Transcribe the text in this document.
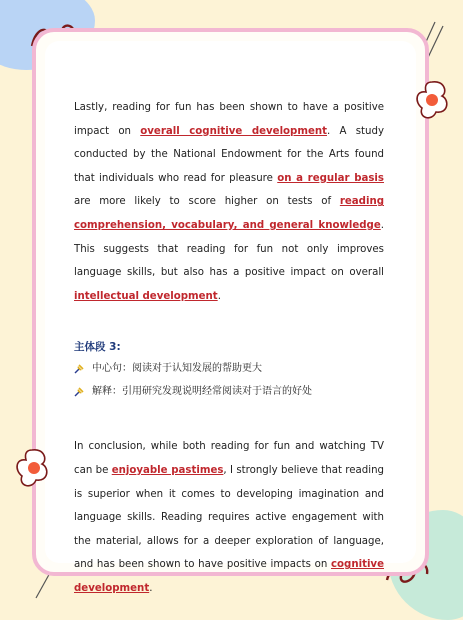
Lastly, reading for fun has been shown to have a positive impact on overall cognitive development. A study conducted by the National Endowment for the Arts found that individuals who read for pleasure on a regular basis are more likely to score higher on tests of reading comprehension, vocabulary, and general knowledge. This suggests that reading for fun not only improves language skills, but also has a positive impact on overall intellectual development.

主体段 3:
中心句：阅读对于认知发展的帮助更大
解释：引用研究发现说明经常阅读对于语言的好处

In conclusion, while both reading for fun and watching TV can be enjoyable pastimes, I strongly believe that reading is superior when it comes to developing imagination and language skills. Reading requires active engagement with the material, allows for a deeper exploration of language, and has been shown to have positive impacts on cognitive development.
